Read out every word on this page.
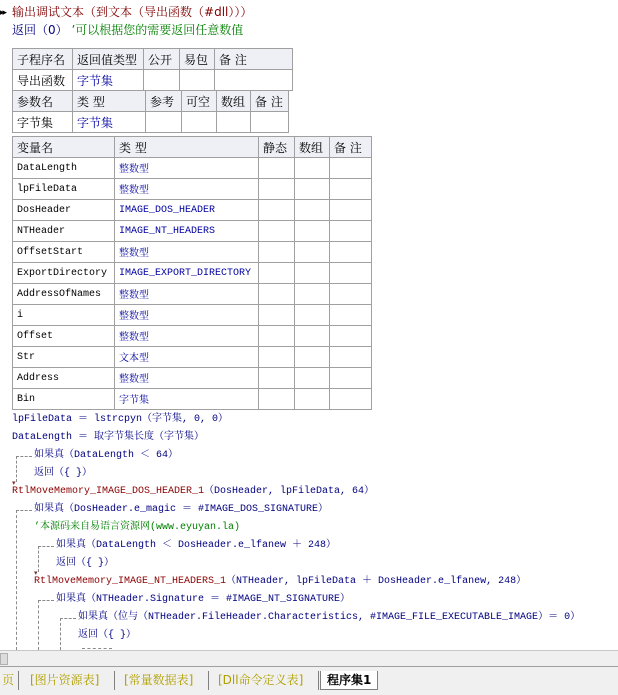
▸▸ 输出调试文本（到文本（导出函数（#dll）））
返回（0） ’可以根据您的需要返回任意数值
子程序名	返回值类型	公开	易包	备 注
导出函数	字节集			
参数名	类 型	参考	可空	数组	备 注
字节集	字节集				
变量名	类 型	静态	数组	备 注
DataLength	整数型			
lpFileData	整数型			
DosHeader	IMAGE_DOS_HEADER			
NTHeader	IMAGE_NT_HEADERS			
OffsetStart	整数型			
ExportDirectory	IMAGE_EXPORT_DIRECTORY			
AddressOfNames	整数型			
i	整数型			
Offset	整数型			
Str	文本型			
Address	整数型			
Bin	字节集			
lpFileData ＝ lstrcpyn（字节集, 0, 0）
DataLength ＝ 取字节集长度（字节集）
▾
如果真（DataLength ＜ 64）
返回（{ }）
RtlMoveMemory_IMAGE_DOS_HEADER_1（DosHeader, lpFileData, 64）
如果真（DosHeader.e_magic ＝ #IMAGE_DOS_SIGNATURE）
’本源码来自易语言资源网(www.eyuyan.la)
▾
如果真（DataLength ＜ DosHeader.e_lfanew ＋ 248）
返回（{ }）
RtlMoveMemory_IMAGE_NT_HEADERS_1（NTHeader, lpFileData ＋ DosHeader.e_lfanew, 248）
如果真（NTHeader.Signature ＝ #IMAGE_NT_SIGNATURE）
如果真（位与（NTHeader.FileHeader.Characteristics, #IMAGE_FILE_EXECUTABLE_IMAGE）＝ 0）
返回（{ }）
页	[图片资源表]	[常量数据表]	[Dll命令定义表]	程序集1
